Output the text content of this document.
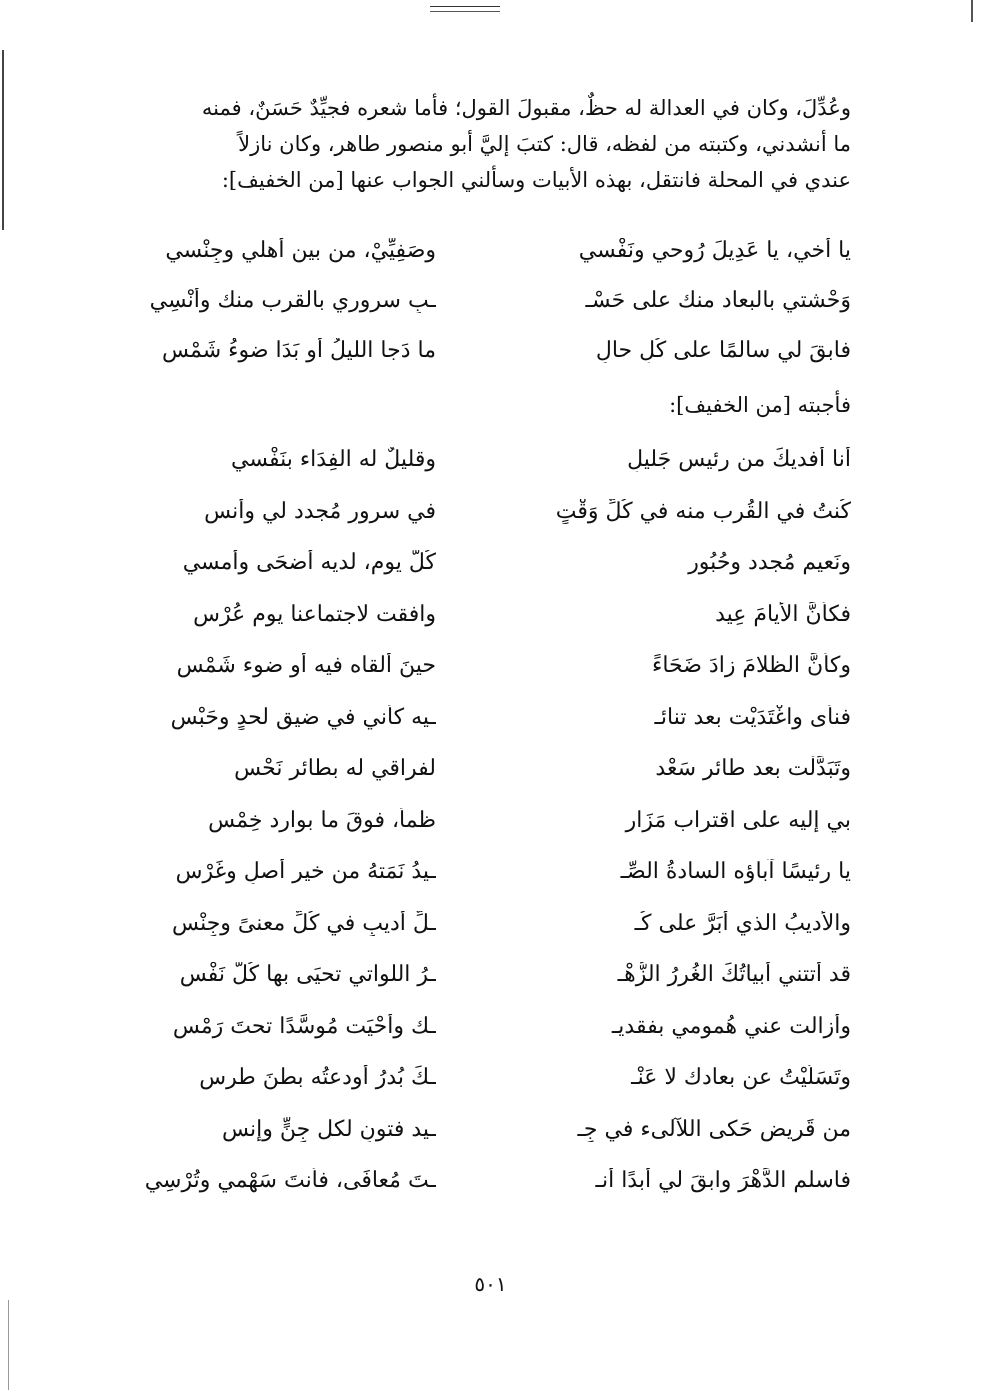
وعُدِّلَ، وكان في العدالة له حظٌ، مقبولَ القول؛ فأما شعره فجيِّدٌ حَسَنٌ، فمنه

ما أنشدني، وكتبته من لفظه، قال: كتبَ إليَّ أبو منصور طاهر، وكان نازلاً

عندي في المحلة فانتقل، بهذه الأبيات وسألني الجواب عنها [من الخفيف]:

يا أخي، يا عَدِيلَ رُوحي ونَفْسي
وصَفِيِّيْ، من بين أهلي وجِنْسي
وَحْشتي بالبعاد منك على حَسْـ
ـبِ سروري بالقرب منك وأنْسِي
فابقَ لي سالمًا على كُلِ حالٍ
ما دَجا الليلُ أو بَدَا ضوءُ شَمْسِ
فأجبته [من الخفيف]:
أنا أفديكَ من رئيس جَليلِ
وقليلٌ له الفِدَاء بنَفْسي
كُنتُ في القُرب منه في كُلِّ وَقْتٍ
في سرورٍ مُجدد لي وأنسِ
ونَعيم مُجدد وحُبُور
كُلَّ يومٍ، لديه أُضحَى وأُمسي
فكأنَّ الأيامَ عِيد
وافقت لاجتماعنا يوم عُرْسِ
وكأنَّ الظلامَ زادَ ضَحَاءً
حينَ ألقاه فيه أو ضوء شَمْسِ
فنأى واغْتَدَيْت بعد تنائـ
ـيه كأني في ضيقِ لحدٍ وحَبْسِ
وتَبَدَّلْت بعد طائر سَعْد
لفراقي له بطائرِ نَحْسِ
بي إليه على اقتراب مَزَار
ظمأٌ، فوقَ ما بوارد خِمْسِ
يا رئيسًا آباؤه السادةُ الصِّـ
ـيدُ نَمَتهُ من خير أصلٍ وغَرْسِ
والأديبُ الذي أَبَرَّ على كُـ
ـلِّ أديبٍ في كُلِّ معنىً وجِنْسِ
قد أتتني أبياتُكَ الغُررُ الزُّهْـ
ـرُ اللواتي تحيَى بها كُلُّ نَفْسِ
وأزالت عني هُمومي بفقديـ
ـك وأَحْيَت مُوسَّدًا تحتَ رَمْسِ
وتَسَلَّيْتُ عن بعادك لا عَنْـ
ـكَ بُدرُ أودعتُه بطنَ طرسِ
من قَرِيضٍ حَكى اللآلىء في جِـ
ـيد فتونٍ لكل جِنٍّ وإنسِ
فاسلم الدَّهْرَ وابقَ لي أبدًا أنـ
ـتَ مُعافَى، فأنتَ سَهْمي وتُرْسِي
٥٠١
